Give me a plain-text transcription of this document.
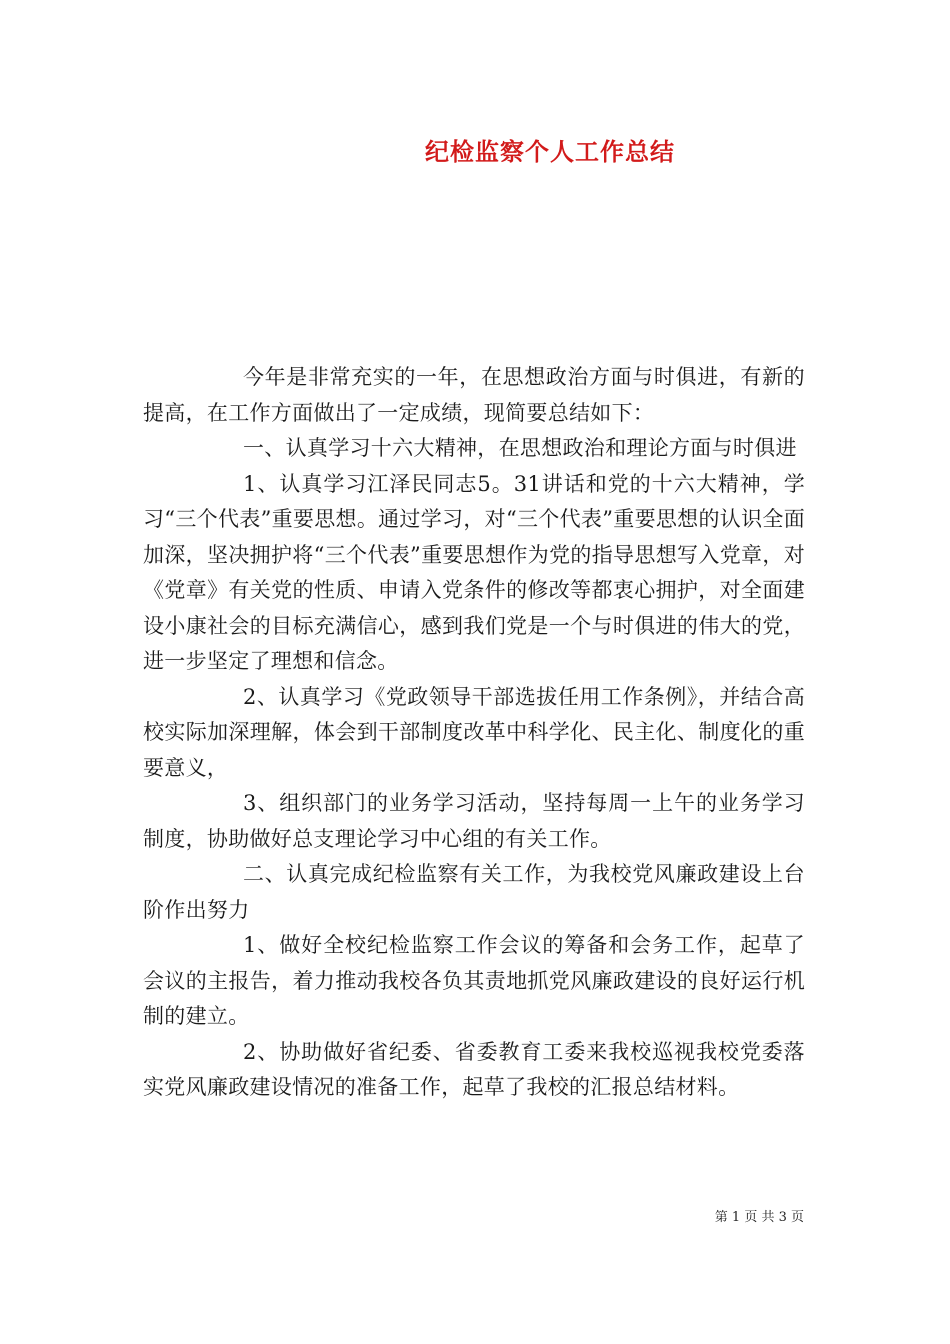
纪检监察个人工作总结

今年是非常充实的一年，在思想政治方面与时俱进，有新的提高，在工作方面做出了一定成绩，现简要总结如下：

一、认真学习十六大精神，在思想政治和理论方面与时俱进

1、认真学习江泽民同志5。31讲话和党的十六大精神，学习“三个代表”重要思想。通过学习，对“三个代表”重要思想的认识全面加深，坚决拥护将“三个代表”重要思想作为党的指导思想写入党章，对《党章》有关党的性质、申请入党条件的修改等都衷心拥护，对全面建设小康社会的目标充满信心，感到我们党是一个与时俱进的伟大的党，进一步坚定了理想和信念。

2、认真学习《党政领导干部选拔任用工作条例》，并结合高校实际加深理解，体会到干部制度改革中科学化、民主化、制度化的重要意义，

3、组织部门的业务学习活动，坚持每周一上午的业务学习制度，协助做好总支理论学习中心组的有关工作。

二、认真完成纪检监察有关工作，为我校党风廉政建设上台阶作出努力

1、做好全校纪检监察工作会议的筹备和会务工作，起草了会议的主报告，着力推动我校各负其责地抓党风廉政建设的良好运行机制的建立。

2、协助做好省纪委、省委教育工委来我校巡视我校党委落实党风廉政建设情况的准备工作，起草了我校的汇报总结材料。

第 1 页 共 3 页
